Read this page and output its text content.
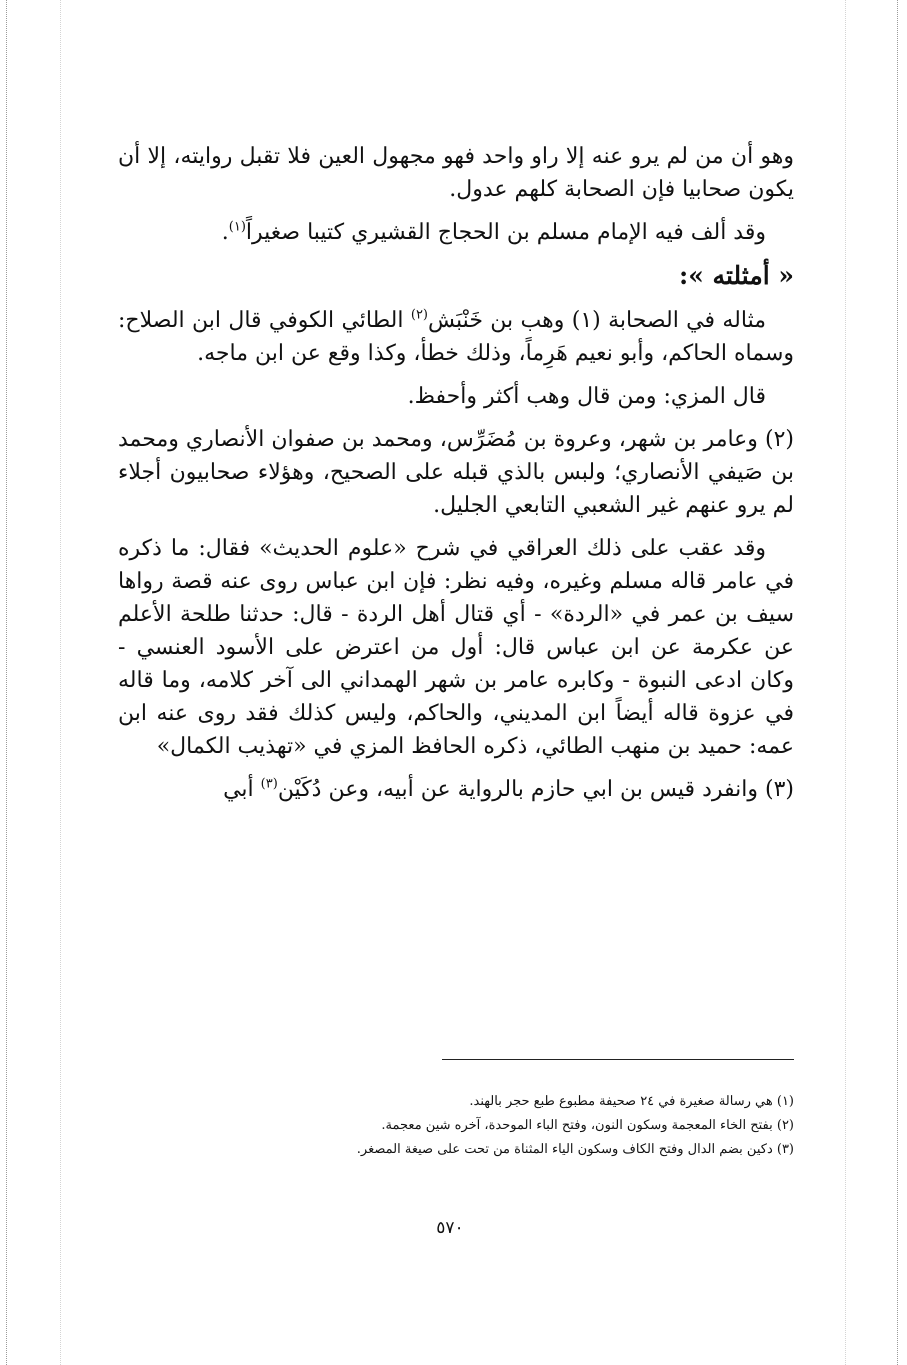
وهو أن من لم يرو عنه إلا راو واحد فهو مجهول العين فلا تقبل روايته، إلا أن يكون صحابيا فإن الصحابة كلهم عدول.

وقد ألف فيه الإمام مسلم بن الحجاج القشيري كتيبا صغيراً$^{(١)}$.

« أمثلته »:

مثاله في الصحابة (١) وهب بن خَنْبَش$^{(٢)}$ الطائي الكوفي قال ابن الصلاح: وسماه الحاكم، وأبو نعيم هَرِماً، وذلك خطأ، وكذا وقع عن ابن ماجه.

قال المزي: ومن قال وهب أكثر وأحفظ.

(٢) وعامر بن شهر، وعروة بن مُضَرِّس، ومحمد بن صفوان الأنصاري ومحمد بن صَيفي الأنصاري؛ ولبس بالذي قبله على الصحيح، وهؤلاء صحابيون أجلاء لم يرو عنهم غير الشعبي التابعي الجليل.

وقد عقب على ذلك العراقي في شرح «علوم الحديث» فقال: ما ذكره في عامر قاله مسلم وغيره، وفيه نظر: فإن ابن عباس روى عنه قصة رواها سيف بن عمر في «الردة» - أي قتال أهل الردة - قال: حدثنا طلحة الأعلم عن عكرمة عن ابن عباس قال: أول من اعترض على الأسود العنسي - وكان ادعى النبوة - وكابره عامر بن شهر الهمداني الى آخر كلامه، وما قاله في عزوة قاله أيضاً ابن المديني، والحاكم، وليس كذلك فقد روى عنه ابن عمه: حميد بن منهب الطائي، ذكره الحافظ المزي في «تهذيب الكمال»

(٣) وانفرد قيس بن ابي حازم بالرواية عن أبيه، وعن دُكَيْن$^{(٣)}$ أبي

(١) هي رسالة صغيرة في ٢٤ صحيفة مطبوع طبع حجر بالهند.

(٢) بفتح الخاء المعجمة وسكون النون، وفتح الباء الموحدة، آخره شين معجمة.

(٣) دكين بضم الدال وفتح الكاف وسكون الياء المثناة من تحت على صيغة المصغر.

٥٧٠
